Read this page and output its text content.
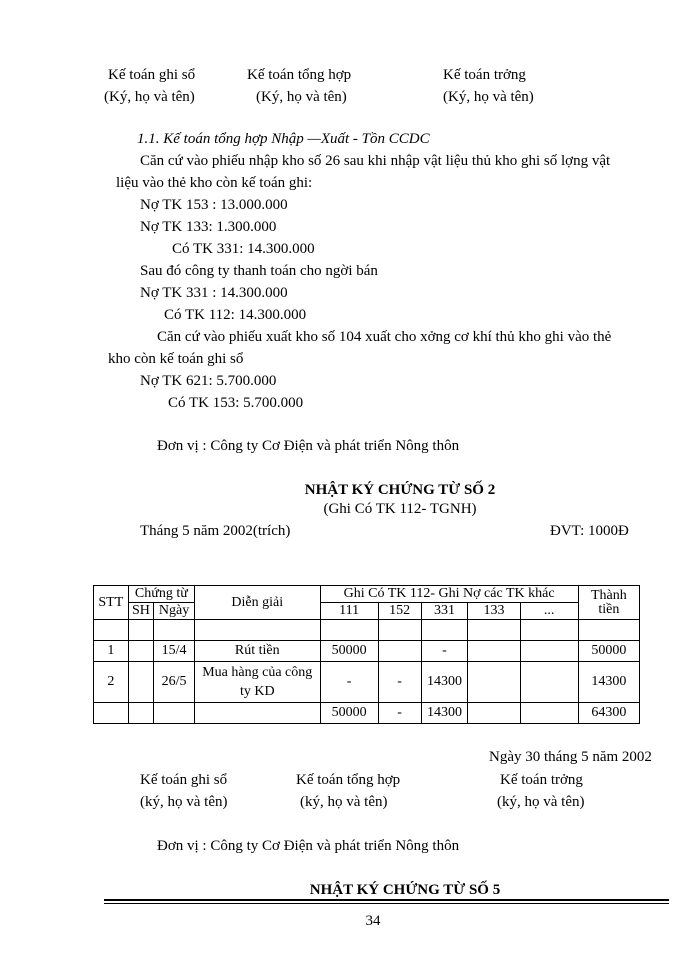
Kế toán ghi sổ
(Ký, họ và tên)
Kế toán tổng hợp
(Ký, họ và tên)
Kế toán trởng
(Ký, họ và tên)
1.1. Kế toán tổng hợp Nhập —Xuất - Tồn CCDC
Căn cứ vào phiếu nhập kho số 26 sau khi nhập vật liệu thủ kho ghi số lợng vật
liệu vào thẻ kho còn kế toán ghi:
Nợ TK 153 : 13.000.000
Nợ TK 133: 1.300.000
Có TK 331: 14.300.000
Sau đó công ty thanh toán cho ngời bán
Nợ TK 331 : 14.300.000
Có TK 112: 14.300.000
Căn cứ vào phiếu xuất kho số 104 xuất cho xởng cơ khí thủ kho ghi vào thẻ
kho còn kế toán ghi sổ
Nợ TK 621: 5.700.000
Có TK 153: 5.700.000
Đơn vị : Công ty Cơ Điện và phát triển Nông thôn
NHẬT KÝ CHỨNG TỪ SỐ 2
(Ghi Có TK 112- TGNH)
Tháng 5 năm 2002(trích)	ĐVT: 1000Đ
STT	Chứng từ		Diễn giải	Ghi Có TK 112- Ghi Nợ các TK khác					Thành tiền
	SH	Ngày		111	152	331	133	...	

1		15/4	Rút tiền	50000		-			50000
2		26/5	Mua hàng của công ty KD	-	-	14300			14300
				50000	-	14300			64300
Ngày 30 tháng 5 năm 2002
Kế toán ghi sổ
(ký, họ và tên)
Kế toán tổng hợp
(ký, họ và tên)
Kế toán trởng
(ký, họ và tên)
Đơn vị : Công ty Cơ Điện và phát triển Nông thôn
NHẬT KÝ CHỨNG TỪ SỐ 5
34
